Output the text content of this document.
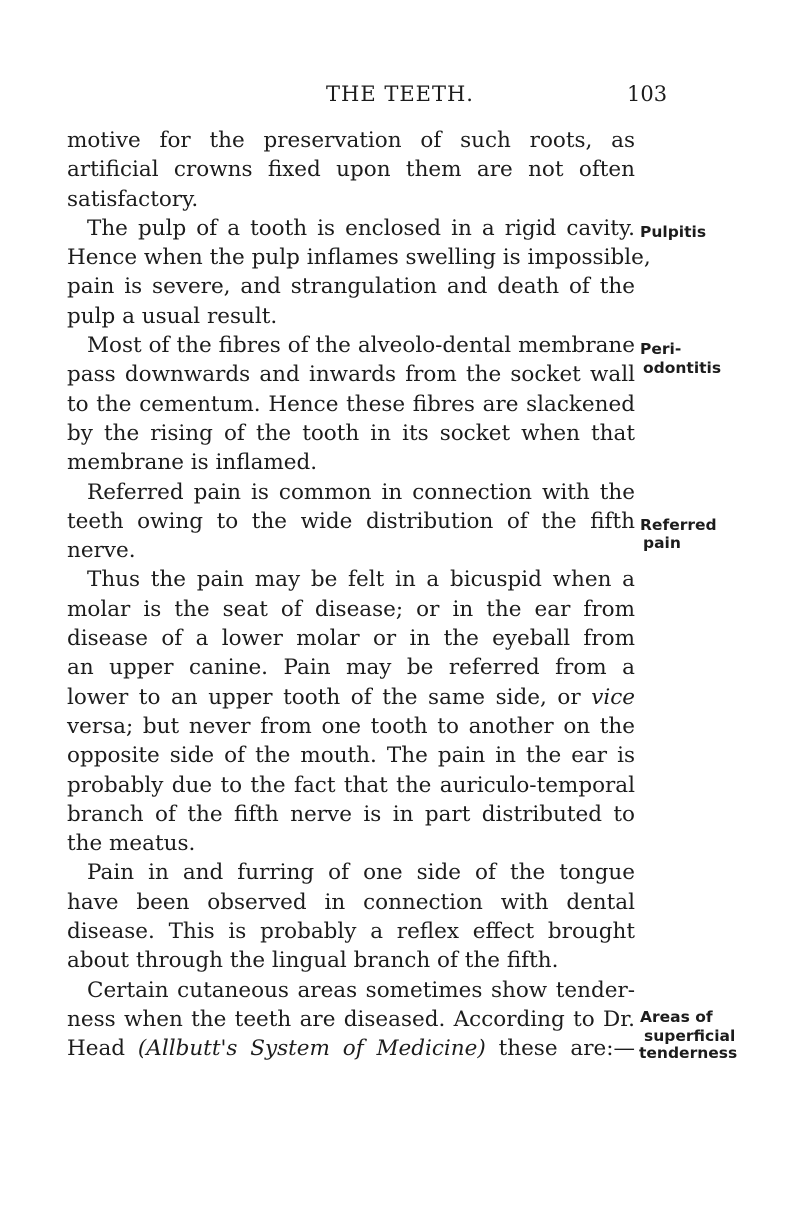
THE TEETH.	103
motive for the preservation of such roots, as
artificial crowns fixed upon them are not often
satisfactory.
The pulp of a tooth is enclosed in a rigid cavity.
Hence when the pulp inflames swelling is impossible,
pain is severe, and strangulation and death of the
pulp a usual result.
Most of the fibres of the alveolo-dental membrane
pass downwards and inwards from the socket wall
to the cementum. Hence these fibres are slackened
by the rising of the tooth in its socket when that
membrane is inflamed.
Referred pain is common in connection with the
teeth owing to the wide distribution of the fifth
nerve.
Thus the pain may be felt in a bicuspid when a
molar is the seat of disease; or in the ear from
disease of a lower molar or in the eyeball from
an upper canine. Pain may be referred from a
lower to an upper tooth of the same side, or vice
versa; but never from one tooth to another on the
opposite side of the mouth. The pain in the ear is
probably due to the fact that the auriculo-temporal
branch of the fifth nerve is in part distributed to
the meatus.
Pain in and furring of one side of the tongue
have been observed in connection with dental
disease. This is probably a reflex effect brought
about through the lingual branch of the fifth.
Certain cutaneous areas sometimes show tender-
ness when the teeth are diseased. According to Dr.
Head (Allbutt's System of Medicine) these are:—
Pulpitis
Peri-
odontitis
Referred
pain
Areas of
superficial
tenderness
